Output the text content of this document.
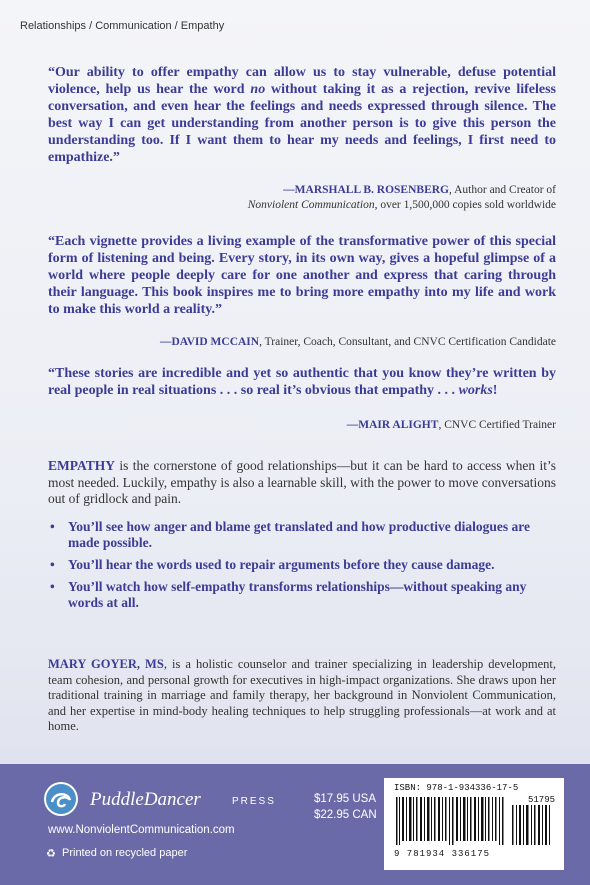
Relationships / Communication / Empathy
“Our ability to offer empathy can allow us to stay vulnerable, defuse potential violence, help us hear the word no without taking it as a rejection, revive lifeless conversation, and even hear the feelings and needs expressed through silence. The best way I can get understanding from another person is to give this person the understanding too. If I want them to hear my needs and feelings, I first need to empathize.”
—MARSHALL B. ROSENBERG, Author and Creator of
Nonviolent Communication, over 1,500,000 copies sold worldwide
“Each vignette provides a living example of the transformative power of this special form of listening and being. Every story, in its own way, gives a hopeful glimpse of a world where people deeply care for one another and express that caring through their language. This book inspires me to bring more empathy into my life and work to make this world a reality.”
—DAVID MCCAIN, Trainer, Coach, Consultant, and CNVC Certification Candidate
“These stories are incredible and yet so authentic that you know they’re written by real people in real situations . . . so real it’s obvious that empathy . . . works!
—MAIR ALIGHT, CNVC Certified Trainer
EMPATHY is the cornerstone of good relationships—but it can be hard to access when it’s most needed. Luckily, empathy is also a learnable skill, with the power to move conversations out of gridlock and pain.
• You’ll see how anger and blame get translated and how productive dialogues are made possible.
• You’ll hear the words used to repair arguments before they cause damage.
• You’ll watch how self-empathy transforms relationships—without speaking any words at all.
MARY GOYER, MS, is a holistic counselor and trainer specializing in leadership development, team cohesion, and personal growth for executives in high-impact organizations. She draws upon her traditional training in marriage and family therapy, her background in Nonviolent Communication, and her expertise in mind-body healing techniques to help struggling professionals—at work and at home.
PuddleDancer	PRESS
www.NonviolentCommunication.com
♻ Printed on recycled paper
$17.95 USA
$22.95 CAN
ISBN: 978-1-934336-17-5
51795
9 781934 336175
